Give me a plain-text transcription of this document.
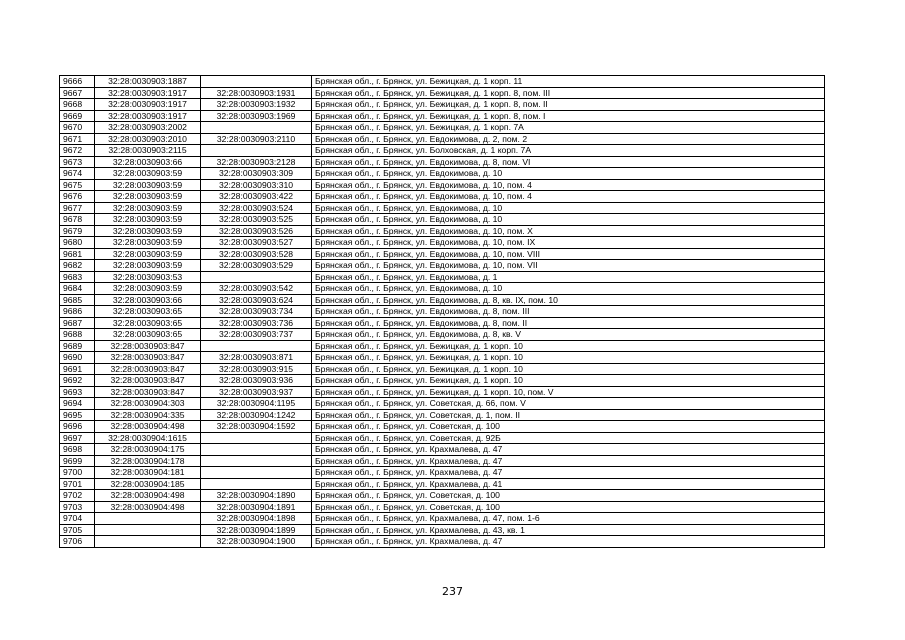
9666	32:28:0030903:1887		Брянская обл., г. Брянск, ул. Бежицкая, д. 1 корп. 11
9667	32:28:0030903:1917	32:28:0030903:1931	Брянская обл., г. Брянск, ул. Бежицкая, д. 1 корп. 8, пом. III
9668	32:28:0030903:1917	32:28:0030903:1932	Брянская обл., г. Брянск, ул. Бежицкая, д. 1 корп. 8, пом. II
9669	32:28:0030903:1917	32:28:0030903:1969	Брянская обл., г. Брянск, ул. Бежицкая, д. 1 корп. 8, пом. I
9670	32:28:0030903:2002		Брянская обл., г. Брянск, ул. Бежицкая, д. 1 корп. 7А
9671	32:28:0030903:2010	32:28:0030903:2110	Брянская обл., г. Брянск, ул. Евдокимова, д. 2, пом. 2
9672	32:28:0030903:2115		Брянская обл., г. Брянск, ул. Болховская, д. 1 корп. 7А
9673	32:28:0030903:66	32:28:0030903:2128	Брянская обл., г. Брянск, ул. Евдокимова, д. 8, пом. VI
9674	32:28:0030903:59	32:28:0030903:309	Брянская обл., г. Брянск, ул. Евдокимова, д. 10
9675	32:28:0030903:59	32:28:0030903:310	Брянская обл., г. Брянск, ул. Евдокимова, д. 10, пом. 4
9676	32:28:0030903:59	32:28:0030903:422	Брянская обл., г. Брянск, ул. Евдокимова, д. 10, пом. 4
9677	32:28:0030903:59	32:28:0030903:524	Брянская обл., г. Брянск, ул. Евдокимова, д. 10
9678	32:28:0030903:59	32:28:0030903:525	Брянская обл., г. Брянск, ул. Евдокимова, д. 10
9679	32:28:0030903:59	32:28:0030903:526	Брянская обл., г. Брянск, ул. Евдокимова, д. 10, пом. X
9680	32:28:0030903:59	32:28:0030903:527	Брянская обл., г. Брянск, ул. Евдокимова, д. 10, пом. IX
9681	32:28:0030903:59	32:28:0030903:528	Брянская обл., г. Брянск, ул. Евдокимова, д. 10, пом. VIII
9682	32:28:0030903:59	32:28:0030903:529	Брянская обл., г. Брянск, ул. Евдокимова, д. 10, пом. VII
9683	32:28:0030903:53		Брянская обл., г. Брянск, ул. Евдокимова, д. 1
9684	32:28:0030903:59	32:28:0030903:542	Брянская обл., г. Брянск, ул. Евдокимова, д. 10
9685	32:28:0030903:66	32:28:0030903:624	Брянская обл., г. Брянск, ул. Евдокимова, д. 8, кв. IX, пом. 10
9686	32:28:0030903:65	32:28:0030903:734	Брянская обл., г. Брянск, ул. Евдокимова, д. 8, пом. III
9687	32:28:0030903:65	32:28:0030903:736	Брянская обл., г. Брянск, ул. Евдокимова, д. 8, пом. II
9688	32:28:0030903:65	32:28:0030903:737	Брянская обл., г. Брянск, ул. Евдокимова, д. 8, кв. V
9689	32:28:0030903:847		Брянская обл., г. Брянск, ул. Бежицкая, д. 1 корп. 10
9690	32:28:0030903:847	32:28:0030903:871	Брянская обл., г. Брянск, ул. Бежицкая, д. 1 корп. 10
9691	32:28:0030903:847	32:28:0030903:915	Брянская обл., г. Брянск, ул. Бежицкая, д. 1 корп. 10
9692	32:28:0030903:847	32:28:0030903:936	Брянская обл., г. Брянск, ул. Бежицкая, д. 1 корп. 10
9693	32:28:0030903:847	32:28:0030903:937	Брянская обл., г. Брянск, ул. Бежицкая, д. 1 корп. 10, пом. V
9694	32:28:0030904:303	32:28:0030904:1195	Брянская обл., г. Брянск, ул. Советская, д. 66, пом. V
9695	32:28:0030904:335	32:28:0030904:1242	Брянская обл., г. Брянск, ул. Советская, д. 1, пом. II
9696	32:28:0030904:498	32:28:0030904:1592	Брянская обл., г. Брянск, ул. Советская, д. 100
9697	32:28:0030904:1615		Брянская обл., г. Брянск, ул. Советская, д. 92Б
9698	32:28:0030904:175		Брянская обл., г. Брянск, ул. Крахмалева, д. 47
9699	32:28:0030904:178		Брянская обл., г. Брянск, ул. Крахмалева, д. 47
9700	32:28:0030904:181		Брянская обл., г. Брянск, ул. Крахмалева, д. 47
9701	32:28:0030904:185		Брянская обл., г. Брянск, ул. Крахмалева, д. 41
9702	32:28:0030904:498	32:28:0030904:1890	Брянская обл., г. Брянск, ул. Советская, д. 100
9703	32:28:0030904:498	32:28:0030904:1891	Брянская обл., г. Брянск, ул. Советская, д. 100
9704		32:28:0030904:1898	Брянская обл., г. Брянск, ул. Крахмалева, д. 47, пом. 1-6
9705		32:28:0030904:1899	Брянская обл., г. Брянск, ул. Крахмалева, д. 43, кв. 1
9706		32:28:0030904:1900	Брянская обл., г. Брянск, ул. Крахмалева, д. 47
237
